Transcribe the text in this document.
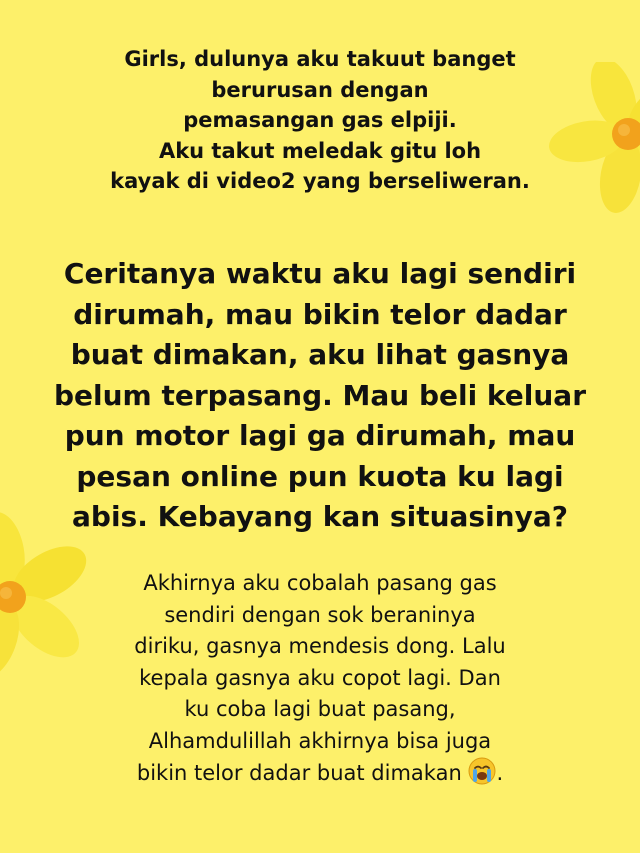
Girls, dulunya aku takuut banget
berurusan dengan
pemasangan gas elpiji.
Aku takut meledak gitu loh
kayak di video2 yang berseliweran.
Ceritanya waktu aku lagi sendiri
dirumah, mau bikin telor dadar
buat dimakan, aku lihat gasnya
belum terpasang. Mau beli keluar
pun motor lagi ga dirumah, mau
pesan online pun kuota ku lagi
abis. Kebayang kan situasinya?
Akhirnya aku cobalah pasang gas
sendiri dengan sok beraninya
diriku, gasnya mendesis dong. Lalu
kepala gasnya aku copot lagi. Dan
ku coba lagi buat pasang,
Alhamdulillah akhirnya bisa juga
bikin telor dadar buat dimakan .
